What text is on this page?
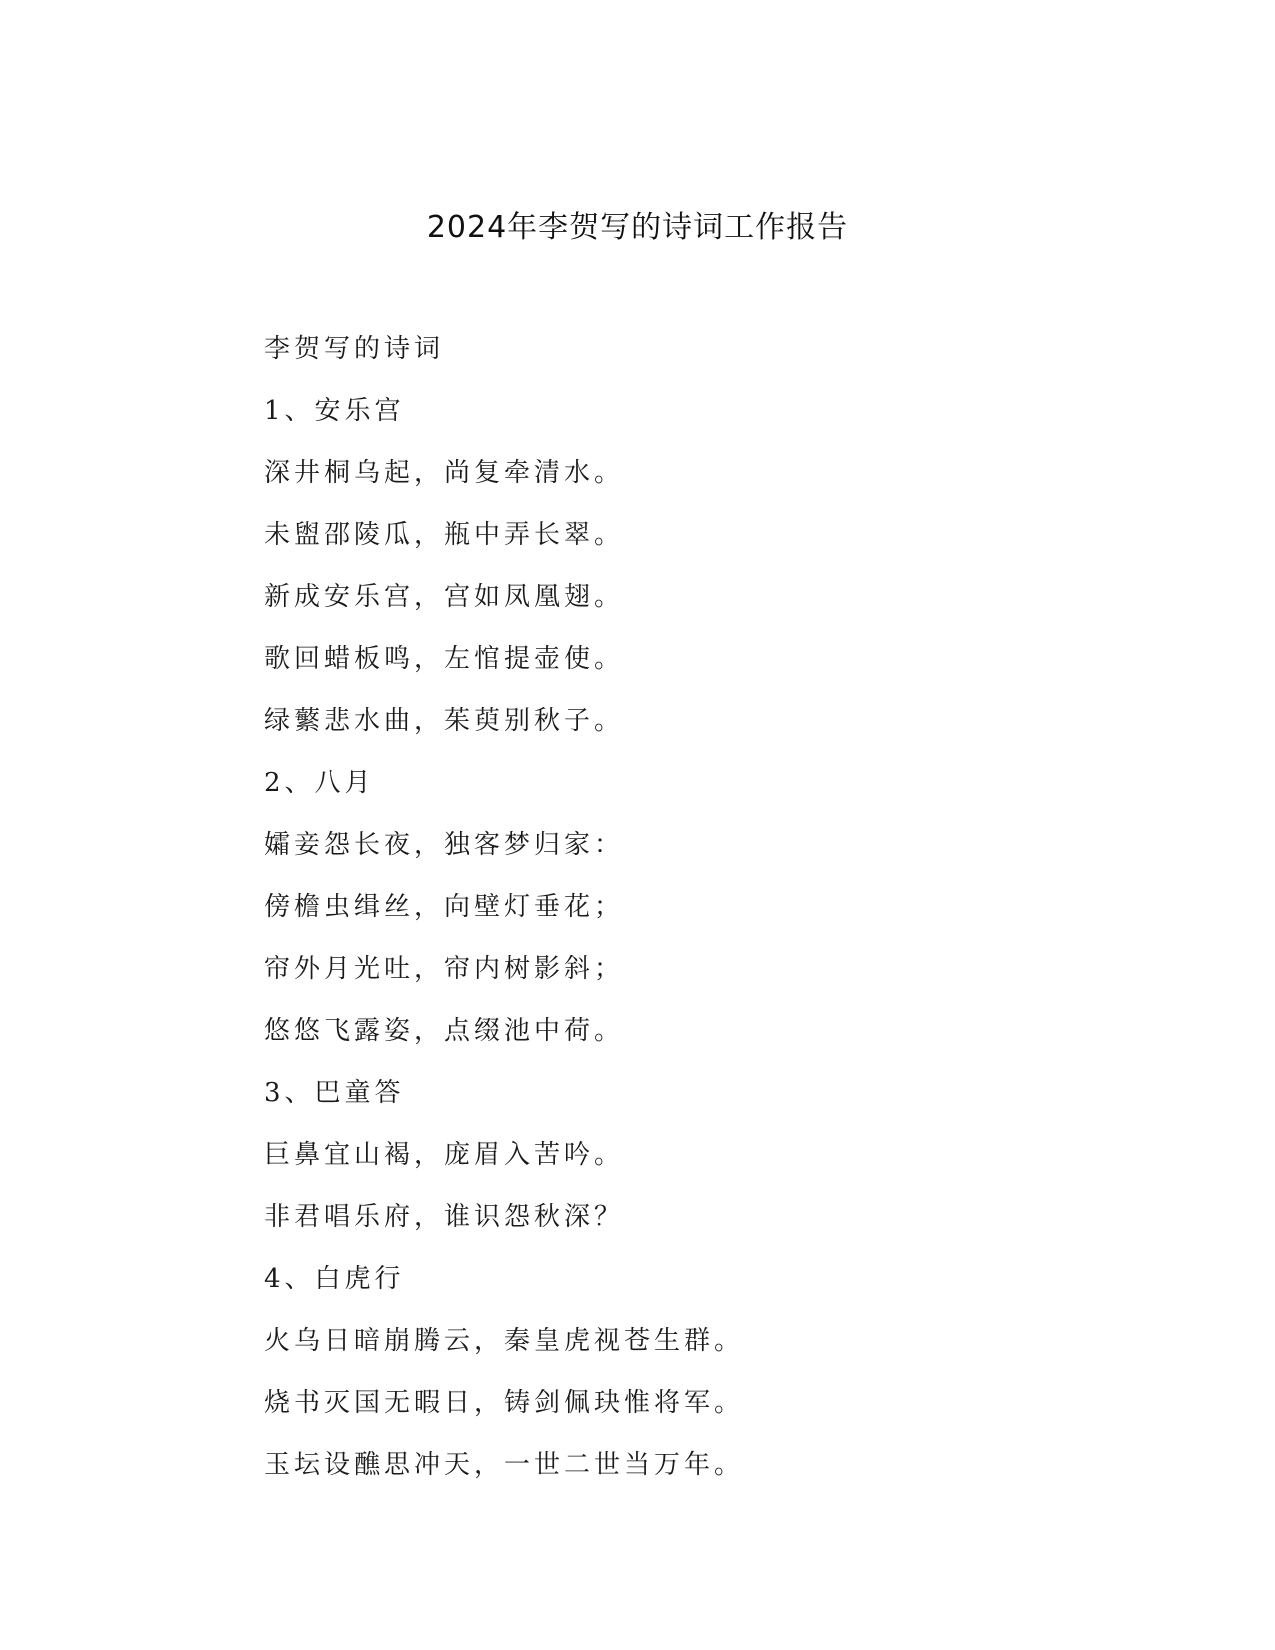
2024年李贺写的诗词工作报告
李贺写的诗词
1、安乐宫
深井桐乌起，尚复牵清水。
未盥邵陵瓜，瓶中弄长翠。
新成安乐宫，宫如凤凰翅。
歌回蜡板鸣，左悺提壶使。
绿蘩悲水曲，茱萸别秋子。
2、八月
孀妾怨长夜，独客梦归家：
傍檐虫缉丝，向壁灯垂花；
帘外月光吐，帘内树影斜；
悠悠飞露姿，点缀池中荷。
3、巴童答
巨鼻宜山褐，庞眉入苦吟。
非君唱乐府，谁识怨秋深？
4、白虎行
火乌日暗崩腾云，秦皇虎视苍生群。
烧书灭国无暇日，铸剑佩玦惟将军。
玉坛设醮思冲天，一世二世当万年。
